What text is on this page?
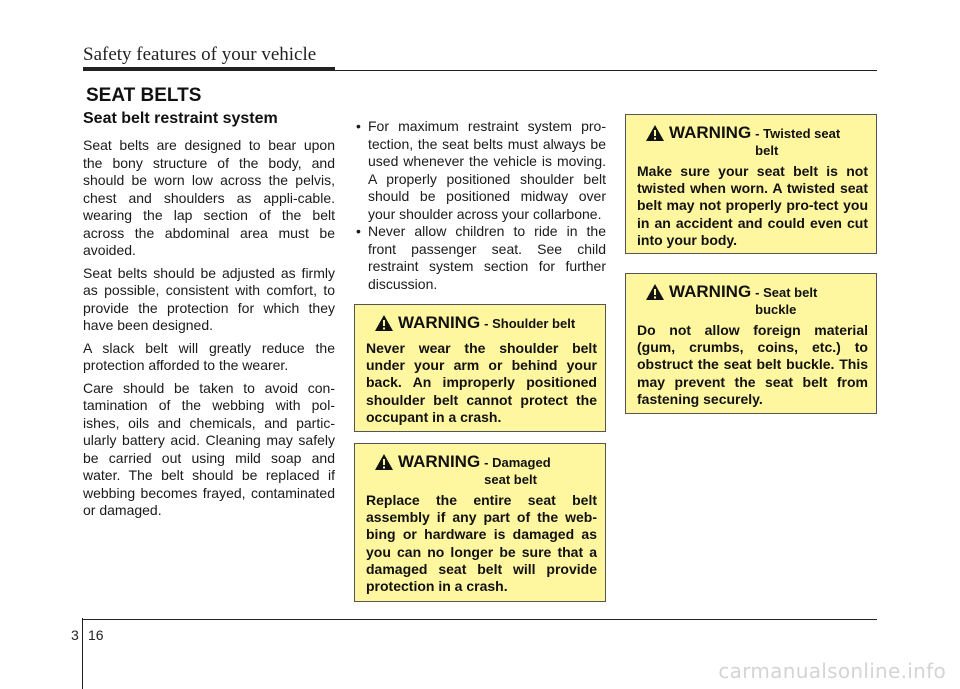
Safety features of your vehicle
SEAT BELTS
Seat belt restraint system

Seat belts are designed to bear upon the bony structure of the body, and should be worn low across the pelvis, chest and shoulders as appli-cable. wearing the lap section of the belt across the abdominal area must be avoided.

Seat belts should be adjusted as firmly as possible, consistent with comfort, to provide the protection for which they have been designed.

A slack belt will greatly reduce the protection afforded to the wearer.

Care should be taken to avoid con-tamination of the webbing with pol-ishes, oils and chemicals, and partic-ularly battery acid. Cleaning may safely be carried out using mild soap and water. The belt should be replaced if webbing becomes frayed, contaminated or damaged.

• For maximum restraint system pro-tection, the seat belts must always be used whenever the vehicle is moving. A properly positioned shoulder belt should be positioned midway over your shoulder across your collarbone.
• Never allow children to ride in the front passenger seat. See child restraint system section for further discussion.
WARNING - Shoulder belt
Never wear the shoulder belt under your arm or behind your back. An improperly positioned shoulder belt cannot protect the occupant in a crash.
WARNING - Damaged seat belt
Replace the entire seat belt assembly if any part of the web-bing or hardware is damaged as you can no longer be sure that a damaged seat belt will provide protection in a crash.
WARNING - Twisted seat belt
Make sure your seat belt is not twisted when worn. A twisted seat belt may not properly pro-tect you in an accident and could even cut into your body.
WARNING - Seat belt buckle
Do not allow foreign material (gum, crumbs, coins, etc.) to obstruct the seat belt buckle. This may prevent the seat belt from fastening securely.
3 16
carmanualsonline.info
